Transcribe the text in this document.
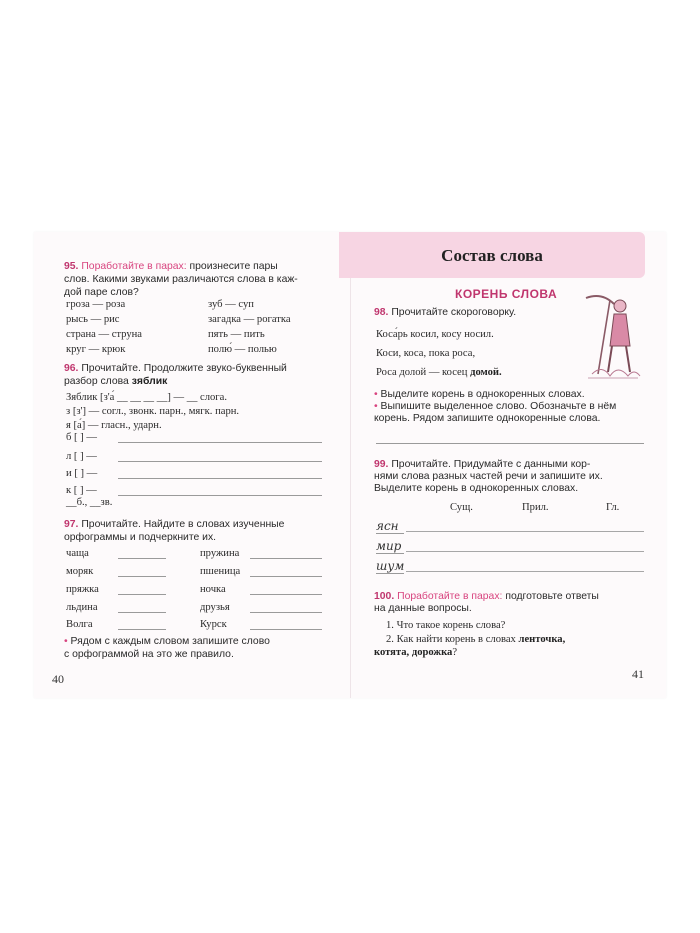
95. Поработайте в парах: произнесите пары
слов. Какими звуками различаются слова в каж-
дой паре слов?
гроза — роза	зуб — суп
рысь — рис	загадка — рогатка
страна — струна	пять — пить
круг — крюк	полю́ — полью
96. Прочитайте. Продолжите звуко-буквенный
разбор слова зяблик
Зяблик [з'а́ __ __ __ __] — __ слога.
з [з'] — согл., звонк. парн., мягк. парн.
я [а́] — гласн., ударн.
б [ ] —
л [ ] —
и [ ] —
к [ ] —
__б., __зв.
97. Прочитайте. Найдите в словах изученные
орфограммы и подчеркните их.
чаща	пружина
моряк	пшеница
пряжка	ночка
льдина	друзья
Волга	Курск
• Рядом с каждым словом запишите слово
с орфограммой на это же правило.
40
Состав слова
КОРЕНЬ СЛОВА
98. Прочитайте скороговорку.
Коса́рь косил, косу носил.
Коси, коса, пока роса,
Роса долой — косец домой.
• Выделите корень в однокоренных словах.
• Выпишите выделенное слово. Обозначьте в нём
корень. Рядом запишите однокоренные слова.
99. Прочитайте. Придумайте с данными кор-
нями слова разных частей речи и запишите их.
Выделите корень в однокоренных словах.
Сущ.	Прил.	Гл.
ясн
мир
шум
100. Поработайте в парах: подготовьте ответы
на данные вопросы.
1. Что такое корень слова?
2. Как найти корень в словах ленточка,
котята, дорожка?
41
